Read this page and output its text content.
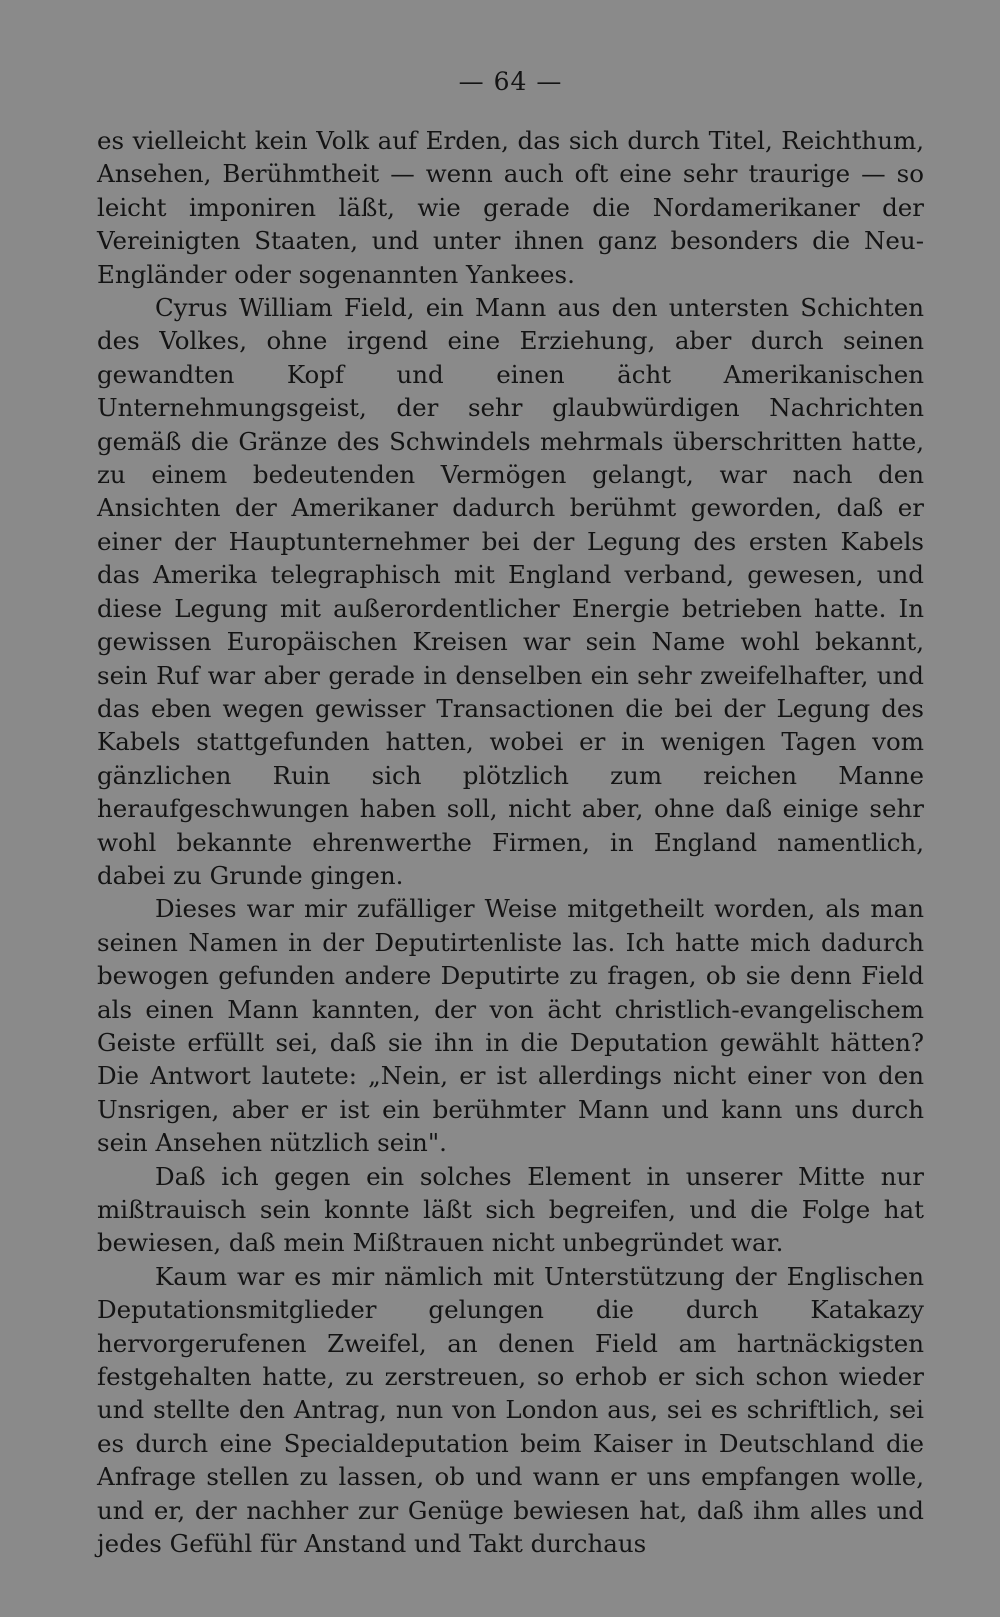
— 64 —

es vielleicht kein Volk auf Erden, das sich durch Titel, Reichthum, Ansehen, Berühmtheit — wenn auch oft eine sehr traurige — so leicht imponiren läßt, wie gerade die Nordamerikaner der Vereinigten Staaten, und unter ihnen ganz besonders die Neu-Engländer oder sogenannten Yankees.

Cyrus William Field, ein Mann aus den untersten Schichten des Volkes, ohne irgend eine Erziehung, aber durch seinen gewandten Kopf und einen ächt Amerikanischen Unternehmungsgeist, der sehr glaubwürdigen Nachrichten gemäß die Gränze des Schwindels mehrmals überschritten hatte, zu einem bedeutenden Vermögen gelangt, war nach den Ansichten der Amerikaner dadurch berühmt geworden, daß er einer der Hauptunternehmer bei der Legung des ersten Kabels das Amerika telegraphisch mit England verband, gewesen, und diese Legung mit außerordentlicher Energie betrieben hatte. In gewissen Europäischen Kreisen war sein Name wohl bekannt, sein Ruf war aber gerade in denselben ein sehr zweifelhafter, und das eben wegen gewisser Transactionen die bei der Legung des Kabels stattgefunden hatten, wobei er in wenigen Tagen vom gänzlichen Ruin sich plötzlich zum reichen Manne heraufgeschwungen haben soll, nicht aber, ohne daß einige sehr wohl bekannte ehrenwerthe Firmen, in England namentlich, dabei zu Grunde gingen.

Dieses war mir zufälliger Weise mitgetheilt worden, als man seinen Namen in der Deputirtenliste las. Ich hatte mich dadurch bewogen gefunden andere Deputirte zu fragen, ob sie denn Field als einen Mann kannten, der von ächt christlich-evangelischem Geiste erfüllt sei, daß sie ihn in die Deputation gewählt hätten? Die Antwort lautete: „Nein, er ist allerdings nicht einer von den Unsrigen, aber er ist ein berühmter Mann und kann uns durch sein Ansehen nützlich sein".

Daß ich gegen ein solches Element in unserer Mitte nur mißtrauisch sein konnte läßt sich begreifen, und die Folge hat bewiesen, daß mein Mißtrauen nicht unbegründet war.

Kaum war es mir nämlich mit Unterstützung der Englischen Deputationsmitglieder gelungen die durch Katakazy hervorgerufenen Zweifel, an denen Field am hartnäckigsten festgehalten hatte, zu zerstreuen, so erhob er sich schon wieder und stellte den Antrag, nun von London aus, sei es schriftlich, sei es durch eine Specialdeputation beim Kaiser in Deutschland die Anfrage stellen zu lassen, ob und wann er uns empfangen wolle, und er, der nachher zur Genüge bewiesen hat, daß ihm alles und jedes Gefühl für Anstand und Takt durchaus
